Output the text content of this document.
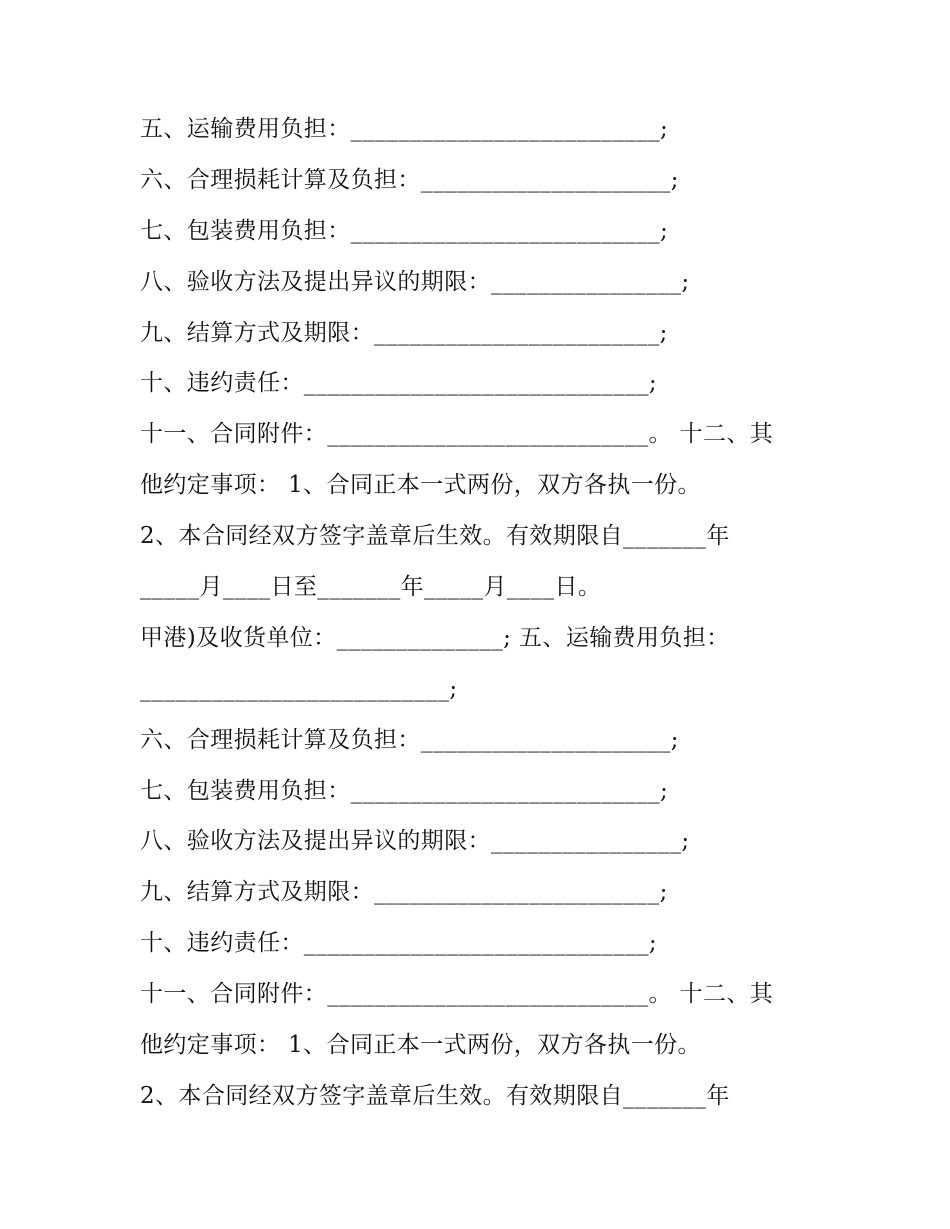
五、运输费用负担：__________________________;
六、合理损耗计算及负担：_____________________;
七、包装费用负担：__________________________;
八、验收方法及提出异议的期限：________________;
九、结算方式及期限：________________________;
十、违约责任：_____________________________;
十一、合同附件：___________________________。 十二、其
他约定事项： 1、合同正本一式两份，双方各执一份。
2、本合同经双方签字盖章后生效。有效期限自_______年
_____月____日至_______年_____月____日。
甲港)及收货单位：______________; 五、运输费用负担：
__________________________;
六、合理损耗计算及负担：_____________________;
七、包装费用负担：__________________________;
八、验收方法及提出异议的期限：________________;
九、结算方式及期限：________________________;
十、违约责任：_____________________________;
十一、合同附件：___________________________。 十二、其
他约定事项： 1、合同正本一式两份，双方各执一份。
2、本合同经双方签字盖章后生效。有效期限自_______年
